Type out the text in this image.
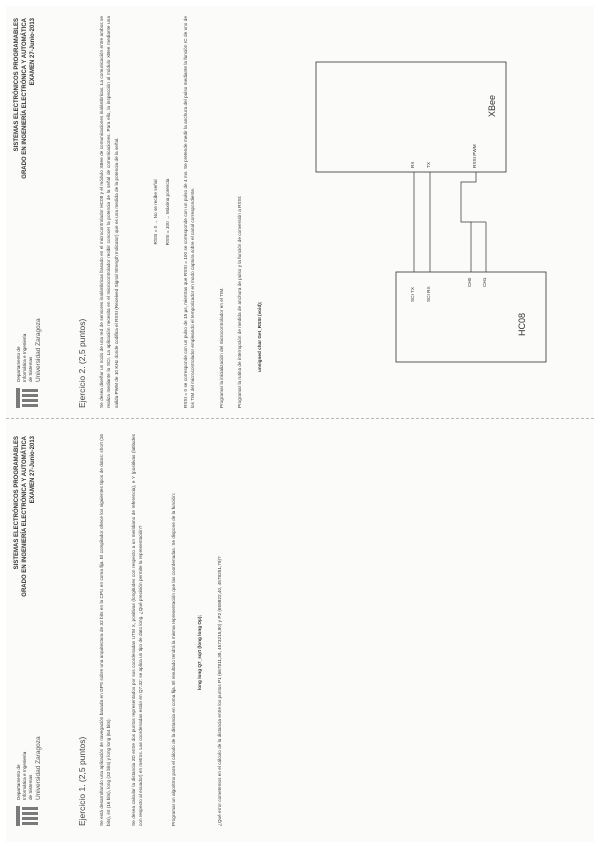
Departamento de
Informática e Ingeniería
de Sistemas Universidad Zaragoza
SISTEMAS ELECTRÓNICOS PROGRAMABLES GRADO EN INGENIERÍA ELECTRÓNICA Y AUTOMÁTICA EXAMEN 27-Junio-2013
Ejercicio 2. (2,5 puntos)	Se desea diseñar un nodo de una red de sensores inalámbricas basado en el microcontrolador HC08 y el módulo XBee de comunicaciones inalámbricas. La comunicación entre ambos se realiza mediante la SCI. La aplicación necesita en el microcontrolador recibir conocer la potencia de la señal de comunicaciones. Para ello, la inspección al módulo XBee mediante una salida PWM de 10 KHz donde codifica el RSSI (Received Signal Strength Indicator) que es una medida de la potencia de la señal.	RSSI = 0 → No se recibe señal RSSI = 100 → Máxima potencia	RSSI = 0 se corresponde con un pulso de 15 μs, mientras que RSSI = 100 se corresponde con un pulso de 4 ms. Se pretende medir la anchura del pulso mediante la función IC de uno de los TIM del microcontrolador empleando el temporizador en modo captura sobre el canal correspondiente.	Programar la inicialización del microcontrolador en el TIM.	Programar la rutina de interrupción de medida de anchura de pulso y la función de conversión a RSSI:	unsigned char Get_RSSI (void);	HC08
XBee
SCI TX SCI RX
CH0 CH1
RX TX	RSSI PWM
Departamento de
Informática e Ingeniería
de Sistemas Universidad Zaragoza
SISTEMAS ELECTRÓNICOS PROGRAMABLES GRADO EN INGENIERÍA ELECTRÓNICA Y AUTOMÁTICA EXAMEN 27-Junio-2013
Ejercicio 1. (2,5 puntos)	Se está desarrollando una aplicación de navegación basada en GPS sobre una arquitectura de 32 bits en la CPU en coma fija. El compilador ofrece los siguientes tipos de datos: short (16 bits), int (16 bits), long (32 bits) y long long (64 bits).	Se desea calcular la distancia 2D entre dos puntos representados por sus coordenadas UTM X, positivas (longitudes con respecto a un meridiano de referencia), e Y (positivas (latitudes con respecto al ecuador) en metros. Las coordenadas están en Q7.32: se aplica un tipo de dato long. ¿Qué precisión permite la representación?	Programar un algoritmo para el cálculo de la distancia en coma fija. El resultado tendrá la misma representación que las coordenadas. Se dispone de la función:	long long Q7_sqrt (long long Op);	¿Qué error cometemos en el cálculo de la distancia entre los puntos P1 (667811,38, 4573215,80) y P2 (659822,40, 4578251,79)?
